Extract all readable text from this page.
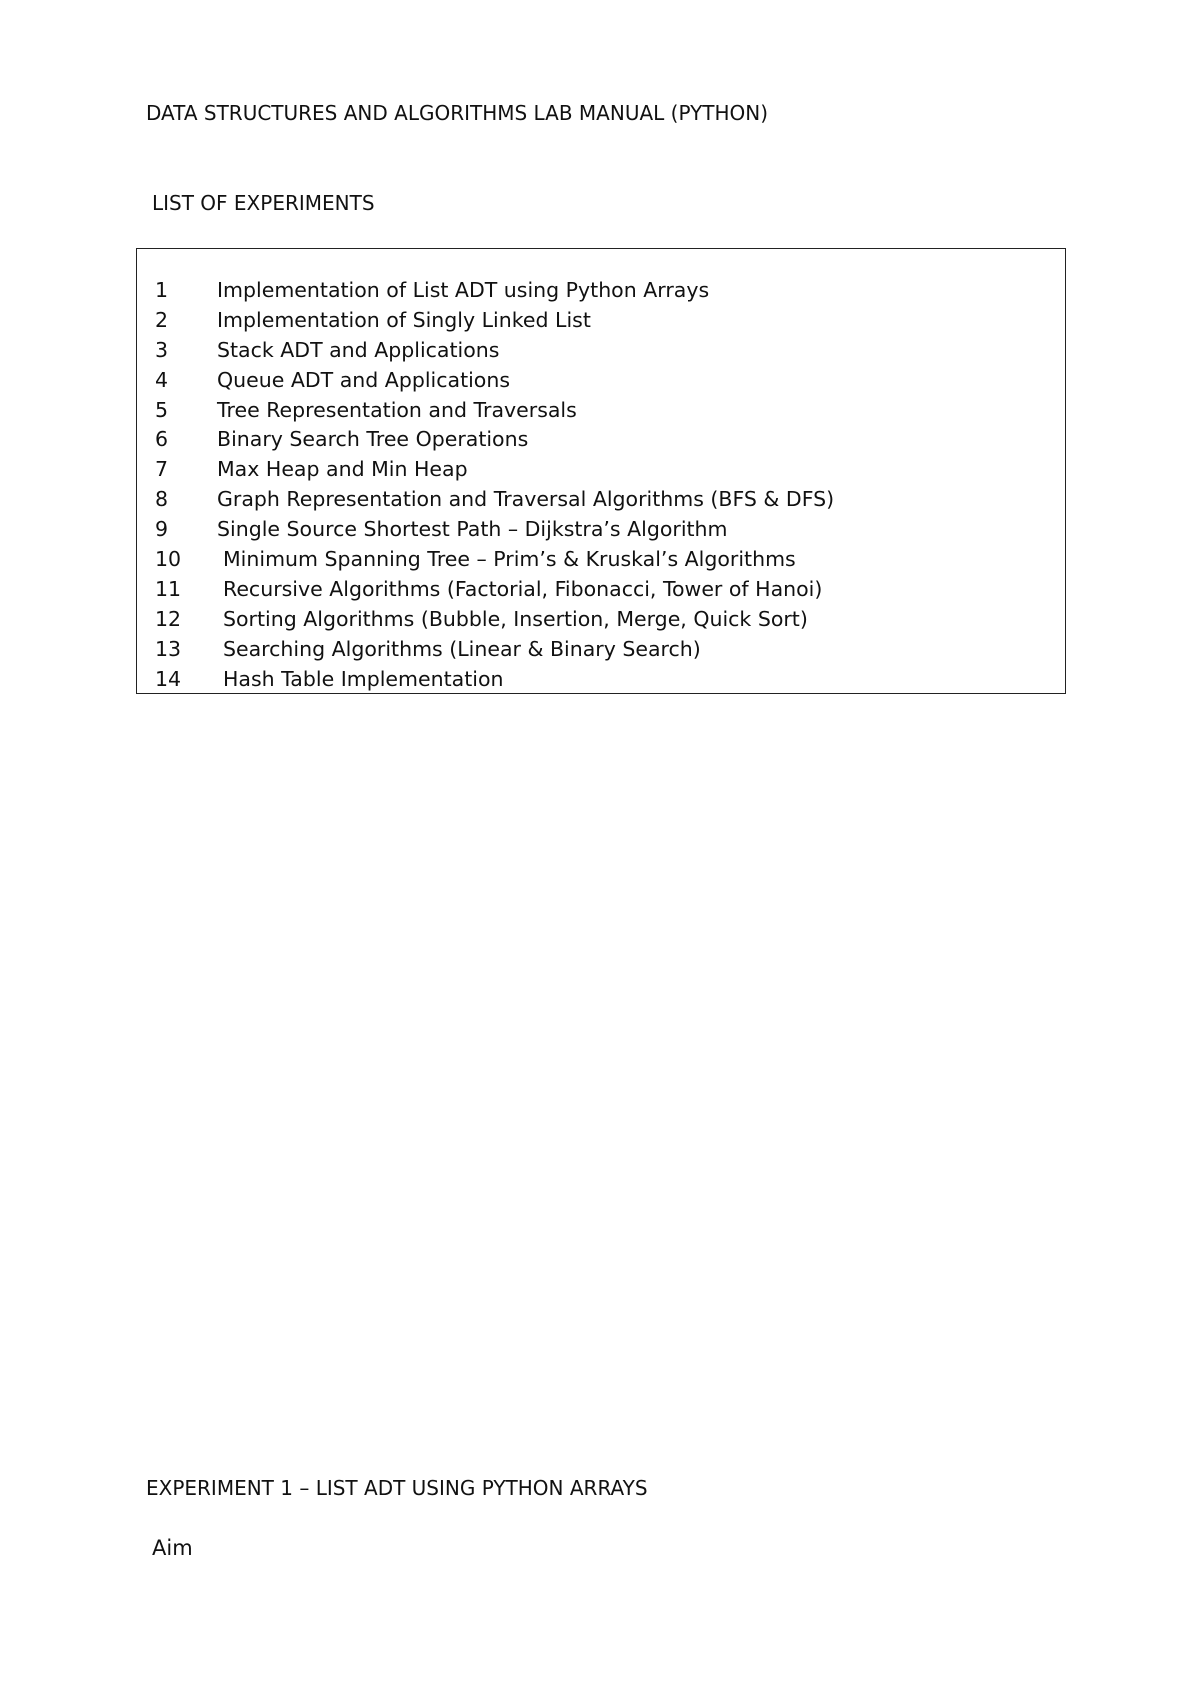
DATA STRUCTURES AND ALGORITHMS LAB MANUAL (PYTHON)
LIST OF EXPERIMENTS
1 Implementation of List ADT using Python Arrays
2 Implementation of Singly Linked List
3 Stack ADT and Applications
4 Queue ADT and Applications
5 Tree Representation and Traversals
6 Binary Search Tree Operations
7 Max Heap and Min Heap
8 Graph Representation and Traversal Algorithms (BFS & DFS)
9 Single Source Shortest Path – Dijkstra’s Algorithm
10 Minimum Spanning Tree – Prim’s & Kruskal’s Algorithms
11 Recursive Algorithms (Factorial, Fibonacci, Tower of Hanoi)
12 Sorting Algorithms (Bubble, Insertion, Merge, Quick Sort)
13 Searching Algorithms (Linear & Binary Search)
14 Hash Table Implementation
EXPERIMENT 1 – LIST ADT USING PYTHON ARRAYS
Aim
